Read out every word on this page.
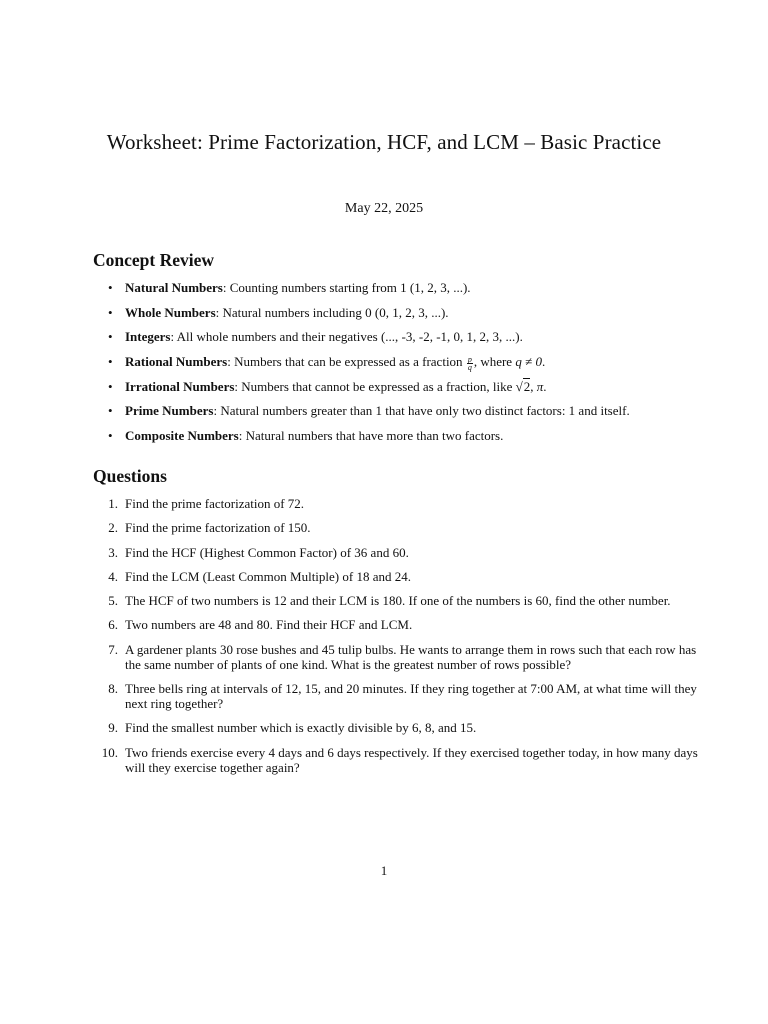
Worksheet: Prime Factorization, HCF, and LCM – Basic Practice
May 22, 2025
Concept Review
• Natural Numbers: Counting numbers starting from 1 (1, 2, 3, ...).
• Whole Numbers: Natural numbers including 0 (0, 1, 2, 3, ...).
• Integers: All whole numbers and their negatives (..., -3, -2, -1, 0, 1, 2, 3, ...).
• Rational Numbers: Numbers that can be expressed as a fraction $\frac{p}{q}$ , where q ≠ 0.
• Irrational Numbers: Numbers that cannot be expressed as a fraction, like √2, π.
• Prime Numbers: Natural numbers greater than 1 that have only two distinct factors: 1 and itself.
• Composite Numbers: Natural numbers that have more than two factors.
Questions
1. Find the prime factorization of 72.
2. Find the prime factorization of 150.
3. Find the HCF (Highest Common Factor) of 36 and 60.
4. Find the LCM (Least Common Multiple) of 18 and 24.
5. The HCF of two numbers is 12 and their LCM is 180. If one of the numbers is 60, find the other number.
6. Two numbers are 48 and 80. Find their HCF and LCM.
7. A gardener plants 30 rose bushes and 45 tulip bulbs. He wants to arrange them in rows such that each row has the same number of plants of one kind. What is the greatest number of rows possible?
8. Three bells ring at intervals of 12, 15, and 20 minutes. If they ring together at 7:00 AM, at what time will they next ring together?
9. Find the smallest number which is exactly divisible by 6, 8, and 15.
10. Two friends exercise every 4 days and 6 days respectively. If they exercised together today, in how many days will they exercise together again?
1
